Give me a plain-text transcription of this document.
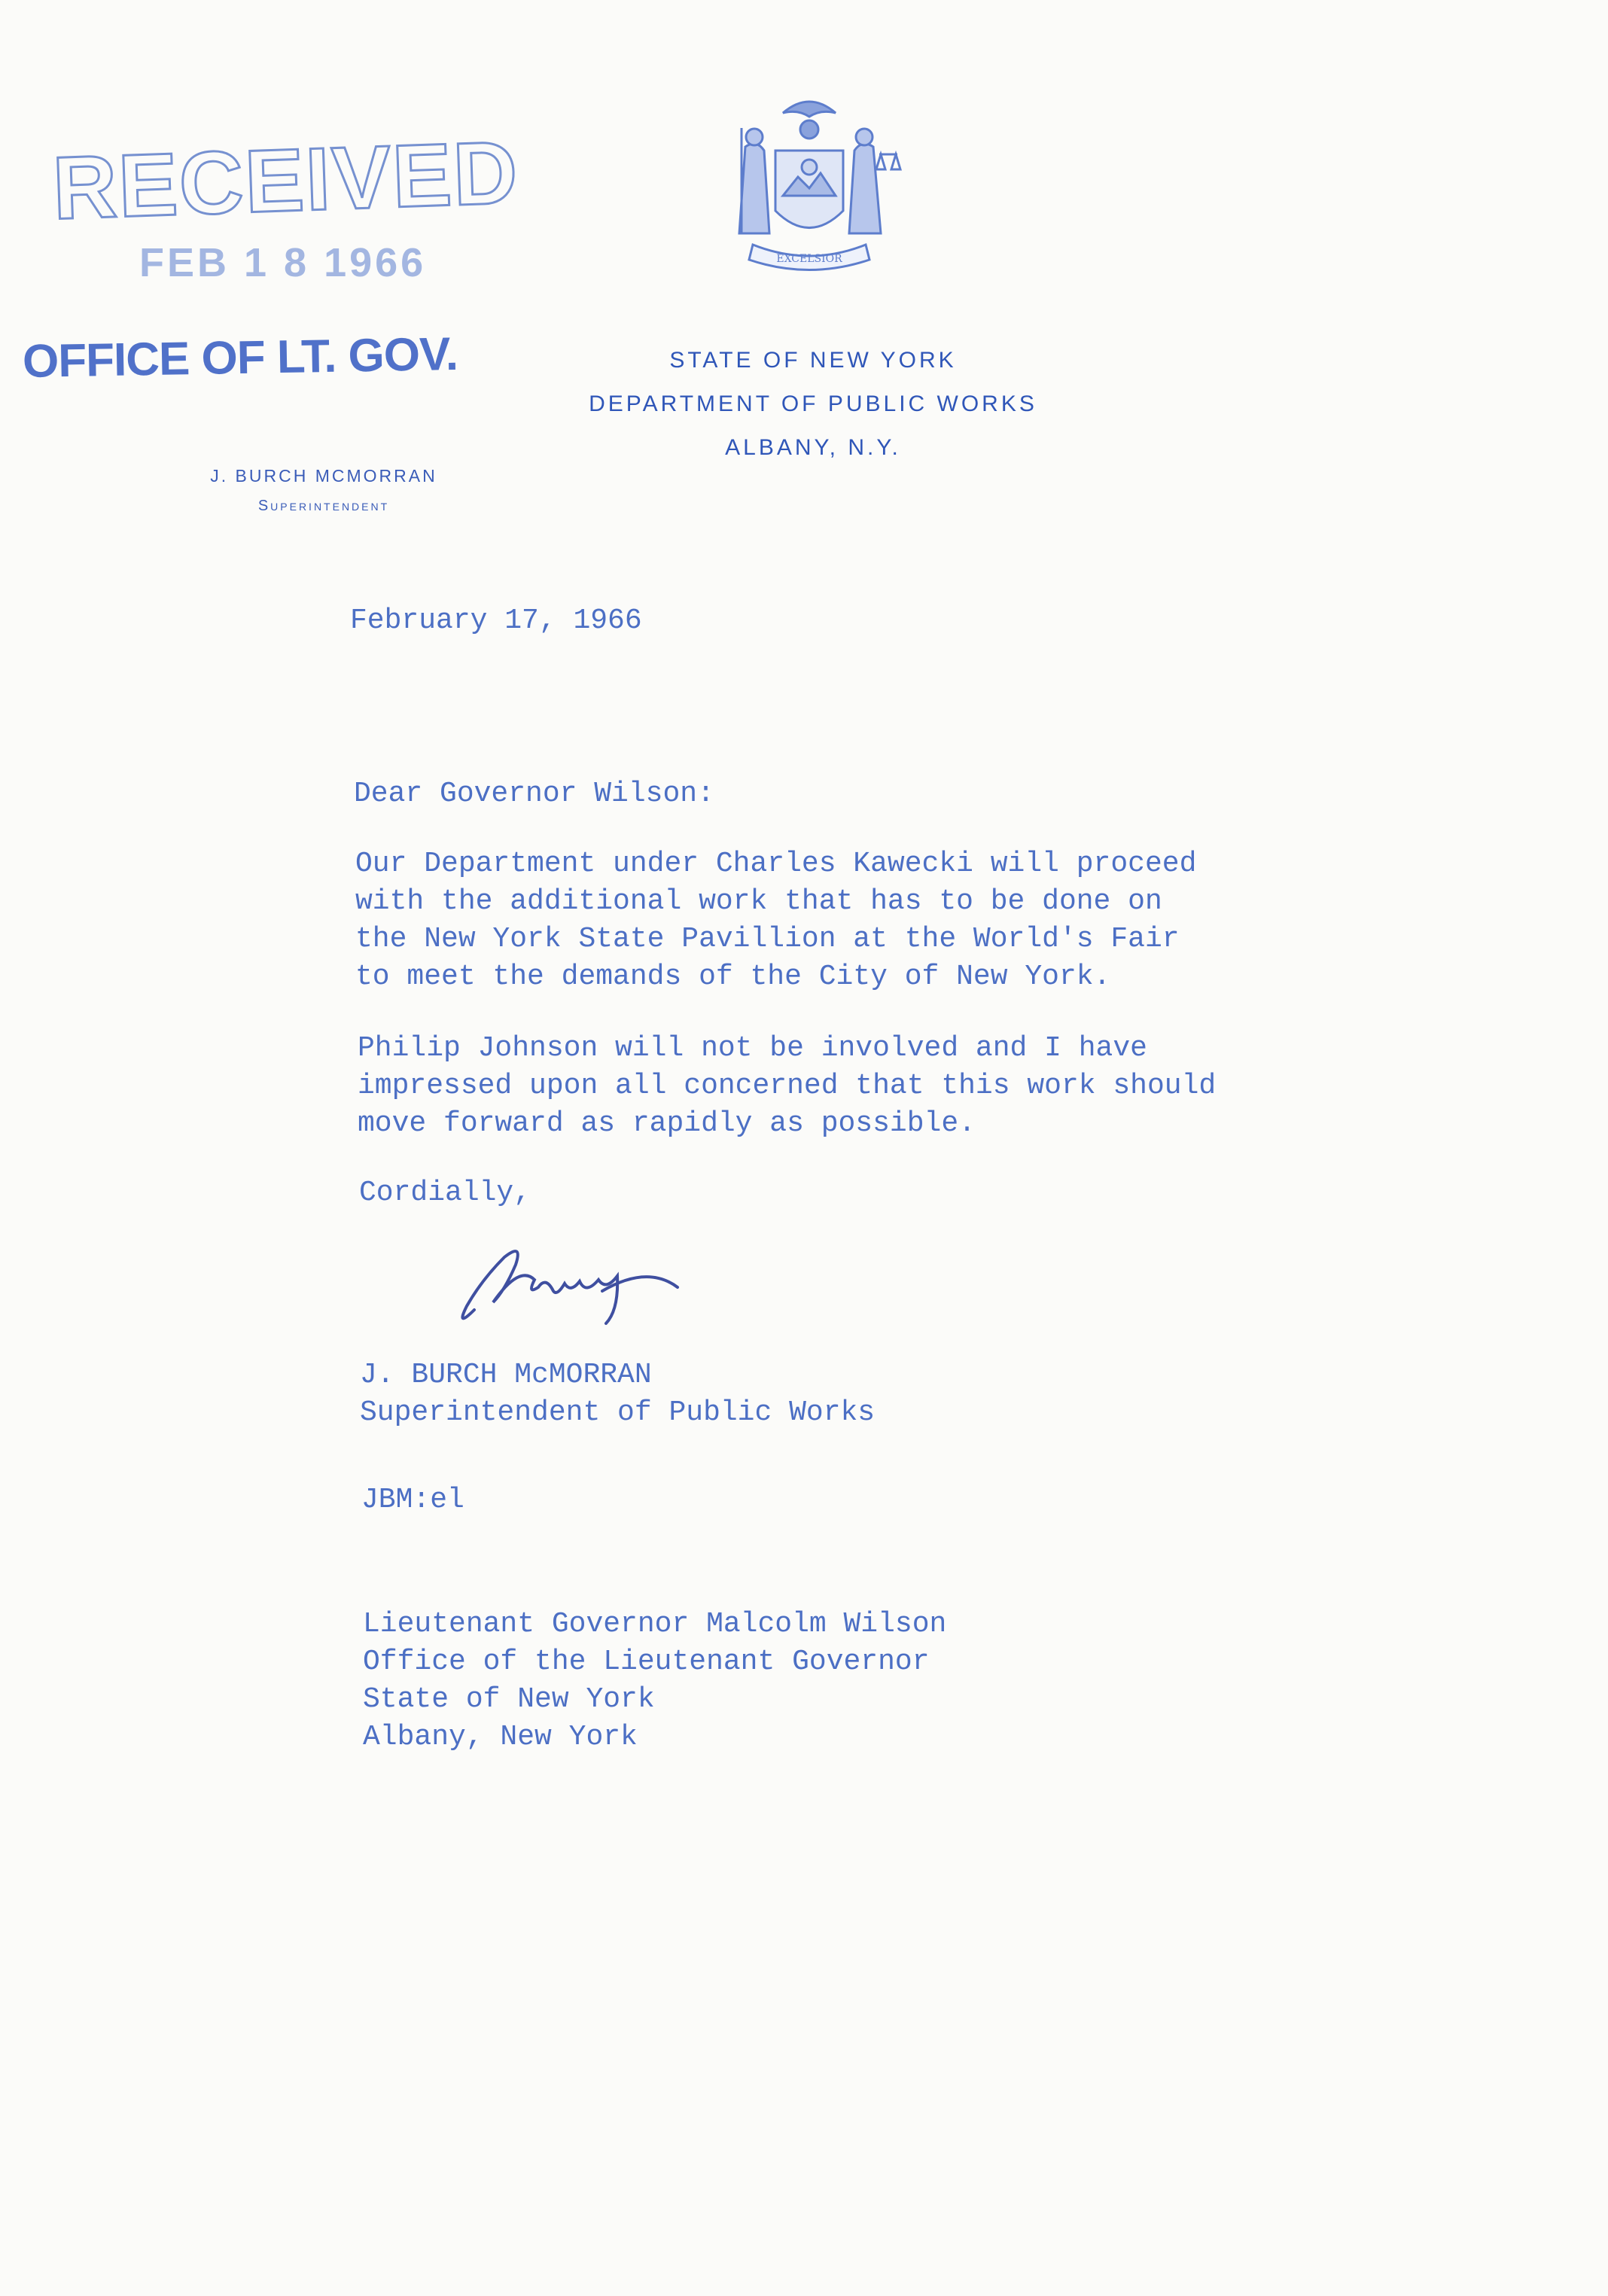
RECEIVED
FEB 1 8 1966
OFFICE OF LT. GOV.
EXCELSIOR
STATE OF NEW YORK
DEPARTMENT OF PUBLIC WORKS
ALBANY, N.Y.
J. BURCH MCMORRAN
Superintendent
February 17, 1966
Dear Governor Wilson:
Our Department under Charles Kawecki will proceed
with the additional work that has to be done on
the New York State Pavillion at the World's Fair
to meet the demands of the City of New York.
Philip Johnson will not be involved and I have
impressed upon all concerned that this work should
move forward as rapidly as possible.
Cordially,
J. BURCH McMORRAN
Superintendent of Public Works
JBM:el
Lieutenant Governor Malcolm Wilson
Office of the Lieutenant Governor
State of New York
Albany, New York
